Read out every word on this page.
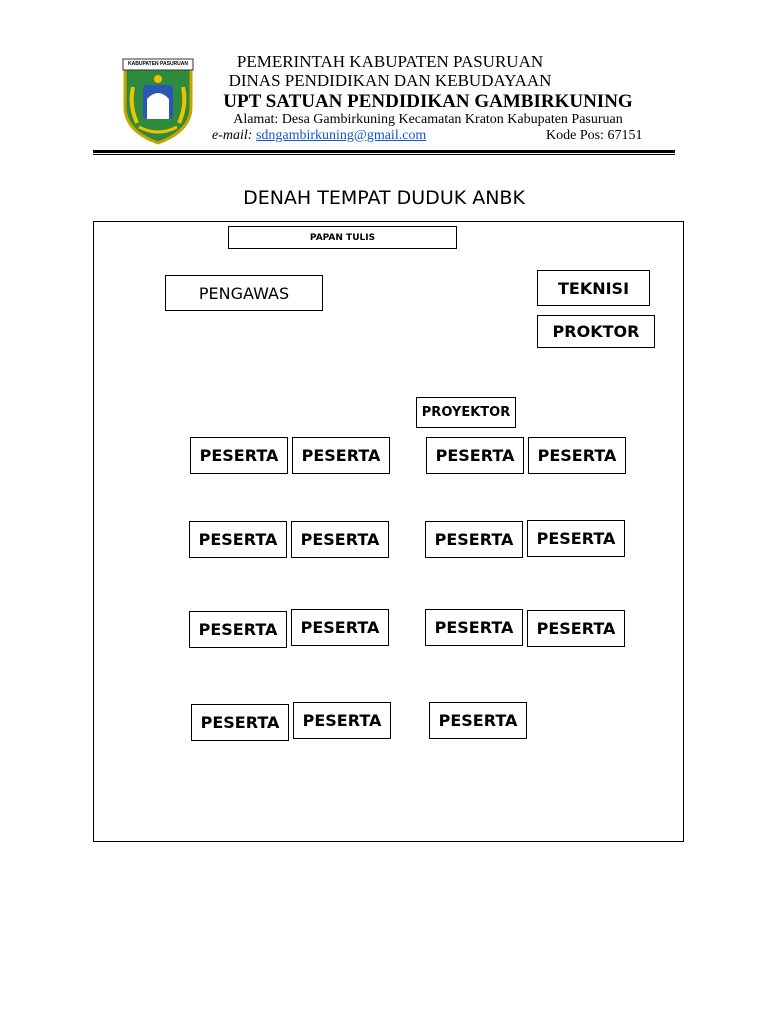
KABUPATEN PASURUAN	PEMERINTAH KABUPATEN PASURUAN
DINAS PENDIDIKAN DAN KEBUDAYAAN
UPT SATUAN PENDIDIKAN GAMBIRKUNING
Alamat: Desa Gambirkuning Kecamatan Kraton Kabupaten Pasuruan
e-mail: sdngambirkuning@gmail.com	Kode Pos: 67151
DENAH TEMPAT DUDUK ANBK
PAPAN TULIS
PENGAWAS	TEKNISI
PROKTOR
PROYEKTOR
PESERTA	PESERTA	PESERTA	PESERTA
PESERTA	PESERTA	PESERTA	PESERTA
PESERTA	PESERTA	PESERTA	PESERTA
PESERTA	PESERTA	PESERTA
